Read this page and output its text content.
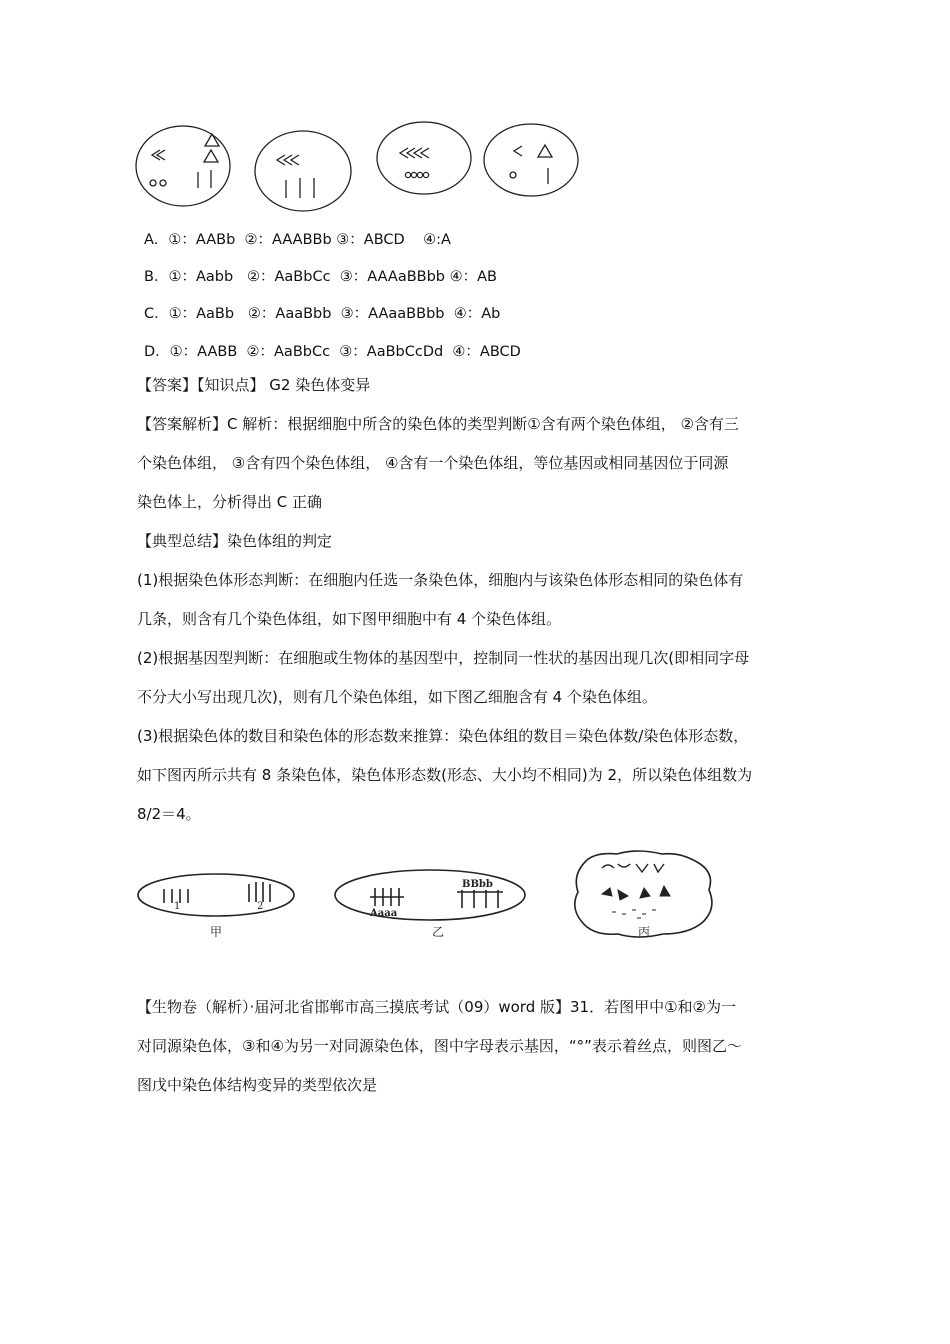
A．①：AABb  ②：AAABBb ③：ABCD    ④:A
B．①：Aabb   ②：AaBbCc  ③：AAAaBBbb ④：AB
C．①：AaBb   ②：AaaBbb  ③：AAaaBBbb  ④：Ab
D．①：AABB  ②：AaBbCc  ③：AaBbCcDd  ④：ABCD

【答案】【知识点】 G2 染色体变异

【答案解析】C 解析：根据细胞中所含的染色体的类型判断①含有两个染色体组， ②含有三

个染色体组， ③含有四个染色体组， ④含有一个染色体组，等位基因或相同基因位于同源

染色体上，分析得出 C 正确

【典型总结】染色体组的判定

(1)根据染色体形态判断：在细胞内任选一条染色体，细胞内与该染色体形态相同的染色体有

几条，则含有几个染色体组，如下图甲细胞中有 4 个染色体组。

(2)根据基因型判断：在细胞或生物体的基因型中，控制同一性状的基因出现几次(即相同字母

不分大小写出现几次)，则有几个染色体组，如下图乙细胞含有 4 个染色体组。

(3)根据染色体的数目和染色体的形态数来推算：染色体组的数目＝染色体数/染色体形态数，

如下图丙所示共有 8 条染色体，染色体形态数(形态、大小均不相同)为 2，所以染色体组数为

8/2＝4。

1	2
Aaaa
BBbb
甲	乙	丙

【生物卷（解析）·届河北省邯郸市高三摸底考试（09）word 版】31．若图甲中①和②为一

对同源染色体，③和④为另一对同源染色体，图中字母表示基因，“°”表示着丝点，则图乙～

图戊中染色体结构变异的类型依次是
